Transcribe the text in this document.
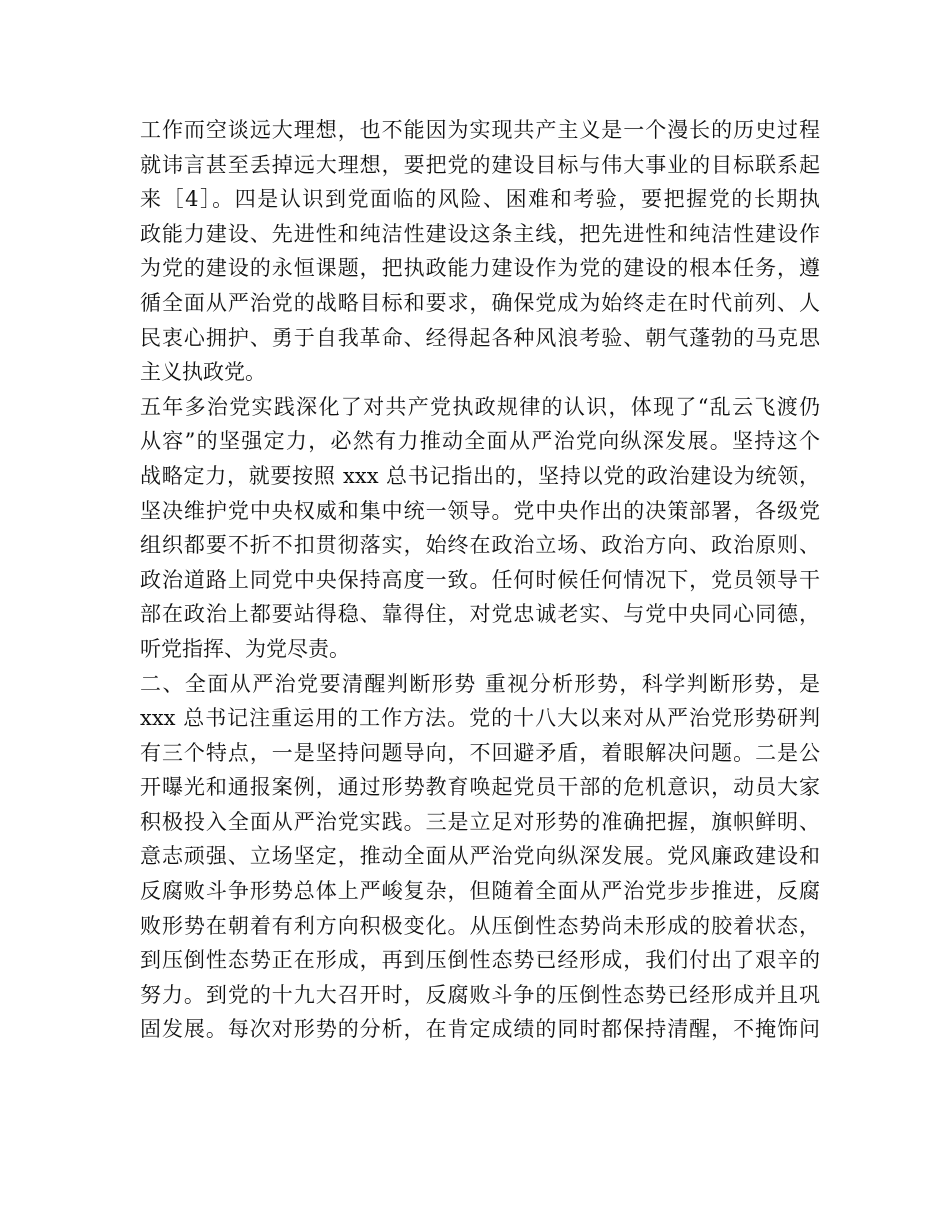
工作而空谈远大理想，也不能因为实现共产主义是一个漫长的历史过程
就讳言甚至丢掉远大理想，要把党的建设目标与伟大事业的目标联系起
来［4］。四是认识到党面临的风险、困难和考验，要把握党的长期执
政能力建设、先进性和纯洁性建设这条主线，把先进性和纯洁性建设作
为党的建设的永恒课题，把执政能力建设作为党的建设的根本任务，遵
循全面从严治党的战略目标和要求，确保党成为始终走在时代前列、人
民衷心拥护、勇于自我革命、经得起各种风浪考验、朝气蓬勃的马克思
主义执政党。
五年多治党实践深化了对共产党执政规律的认识，体现了“乱云飞渡仍
从容”的坚强定力，必然有力推动全面从严治党向纵深发展。坚持这个
战略定力，就要按照 xxx 总书记指出的，坚持以党的政治建设为统领，
坚决维护党中央权威和集中统一领导。党中央作出的决策部署，各级党
组织都要不折不扣贯彻落实，始终在政治立场、政治方向、政治原则、
政治道路上同党中央保持高度一致。任何时候任何情况下，党员领导干
部在政治上都要站得稳、靠得住，对党忠诚老实、与党中央同心同德，
听党指挥、为党尽责。
二、全面从严治党要清醒判断形势 重视分析形势，科学判断形势，是
xxx 总书记注重运用的工作方法。党的十八大以来对从严治党形势研判
有三个特点，一是坚持问题导向，不回避矛盾，着眼解决问题。二是公
开曝光和通报案例，通过形势教育唤起党员干部的危机意识，动员大家
积极投入全面从严治党实践。三是立足对形势的准确把握，旗帜鲜明、
意志顽强、立场坚定，推动全面从严治党向纵深发展。党风廉政建设和
反腐败斗争形势总体上严峻复杂，但随着全面从严治党步步推进，反腐
败形势在朝着有利方向积极变化。从压倒性态势尚未形成的胶着状态，
到压倒性态势正在形成，再到压倒性态势已经形成，我们付出了艰辛的
努力。到党的十九大召开时，反腐败斗争的压倒性态势已经形成并且巩
固发展。每次对形势的分析，在肯定成绩的同时都保持清醒，不掩饰问
